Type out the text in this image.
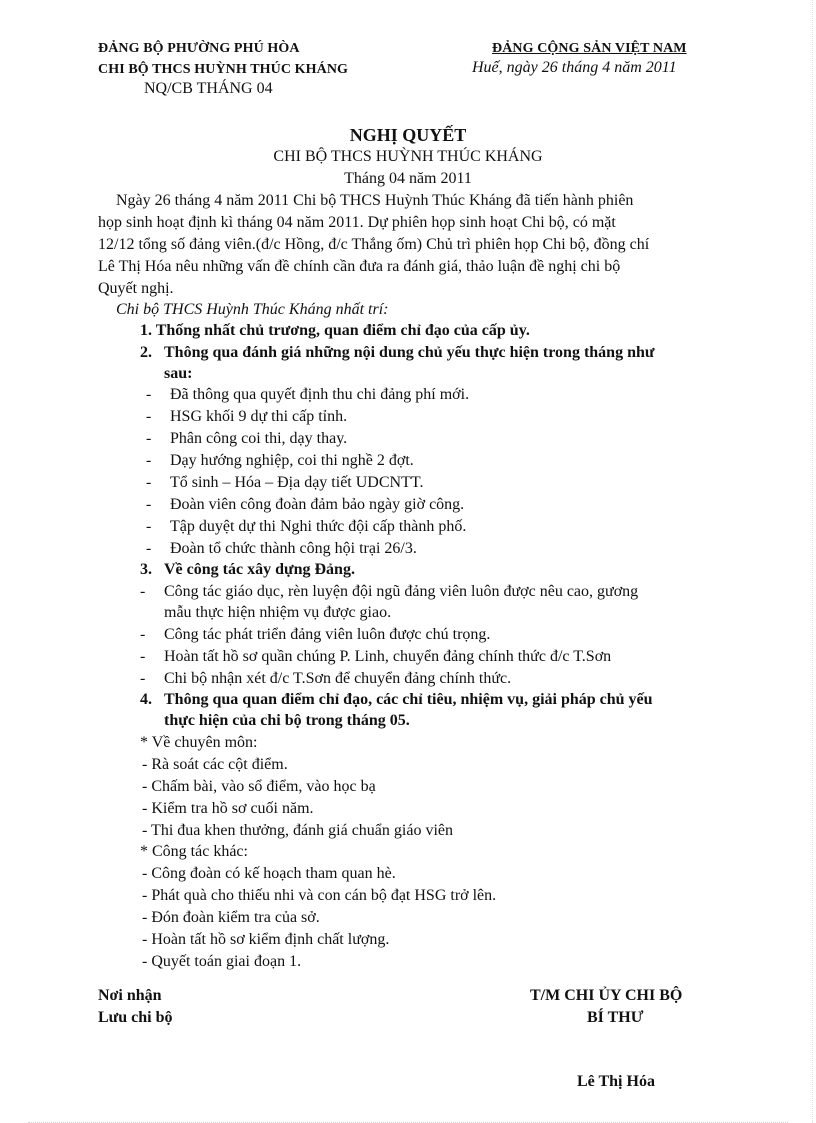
ĐẢNG BỘ PHƯỜNG PHÚ HÒA
CHI BỘ THCS HUỲNH THÚC KHÁNG
NQ/CB THÁNG 04
ĐẢNG CỘNG SẢN VIỆT NAM
Huế, ngày 26 tháng 4 năm 2011
NGHỊ QUYẾT
CHI BỘ THCS HUỲNH THÚC KHÁNG
Tháng 04 năm 2011
Ngày 26 tháng 4 năm 2011 Chi bộ THCS Huỳnh Thúc Kháng đã tiến hành phiên
họp sinh hoạt định kì tháng 04 năm 2011. Dự phiên họp sinh hoạt Chi bộ, có mặt
12/12 tổng số đảng viên.(đ/c Hồng, đ/c Thắng ốm) Chủ trì phiên họp Chi bộ, đồng chí
Lê Thị Hóa nêu những vấn đề chính cần đưa ra đánh giá, thảo luận đề nghị chi bộ
Quyết nghị.
Chi bộ THCS Huỳnh Thúc Kháng nhất trí:
1. Thống nhất chủ trương, quan điểm chỉ đạo của cấp ủy.
2. Thông qua đánh giá những nội dung chủ yếu thực hiện trong tháng như
sau:
- Đã thông qua quyết định thu chi đảng phí mới.
- HSG khối 9 dự thi cấp tỉnh.
- Phân công coi thi, dạy thay.
- Dạy hướng nghiệp, coi thi nghề 2 đợt.
- Tổ sinh – Hóa – Địa dạy tiết UDCNTT.
- Đoàn viên công đoàn đảm bảo ngày giờ công.
- Tập duyệt dự thi Nghi thức đội cấp thành phố.
- Đoàn tổ chức thành công hội trại 26/3.
3. Về công tác xây dựng Đảng.
- Công tác giáo dục, rèn luyện đội ngũ đảng viên luôn được nêu cao, gương
mẫu thực hiện nhiệm vụ được giao.
- Công tác phát triển đảng viên luôn được chú trọng.
- Hoàn tất hồ sơ quần chúng P. Linh, chuyển đảng chính thức đ/c T.Sơn
- Chi bộ nhận xét đ/c T.Sơn để chuyển đảng chính thức.
4. Thông qua quan điểm chỉ đạo, các chỉ tiêu, nhiệm vụ, giải pháp chủ yếu
thực hiện của chi bộ trong tháng 05.
* Về chuyên môn:
- Rà soát các cột điểm.
- Chấm bài, vào sổ điểm, vào học bạ
- Kiểm tra hồ sơ cuối năm.
- Thi đua khen thưởng, đánh giá chuẩn giáo viên
* Công tác khác:
- Công đoàn có kế hoạch tham quan hè.
- Phát quà cho thiếu nhi và con cán bộ đạt HSG trở lên.
- Đón đoàn kiểm tra của sở.
- Hoàn tất hồ sơ kiểm định chất lượng.
- Quyết toán giai đoạn 1.
Nơi nhận
Lưu chi bộ
T/M CHI ỦY CHI BỘ
BÍ THƯ
Lê Thị Hóa
